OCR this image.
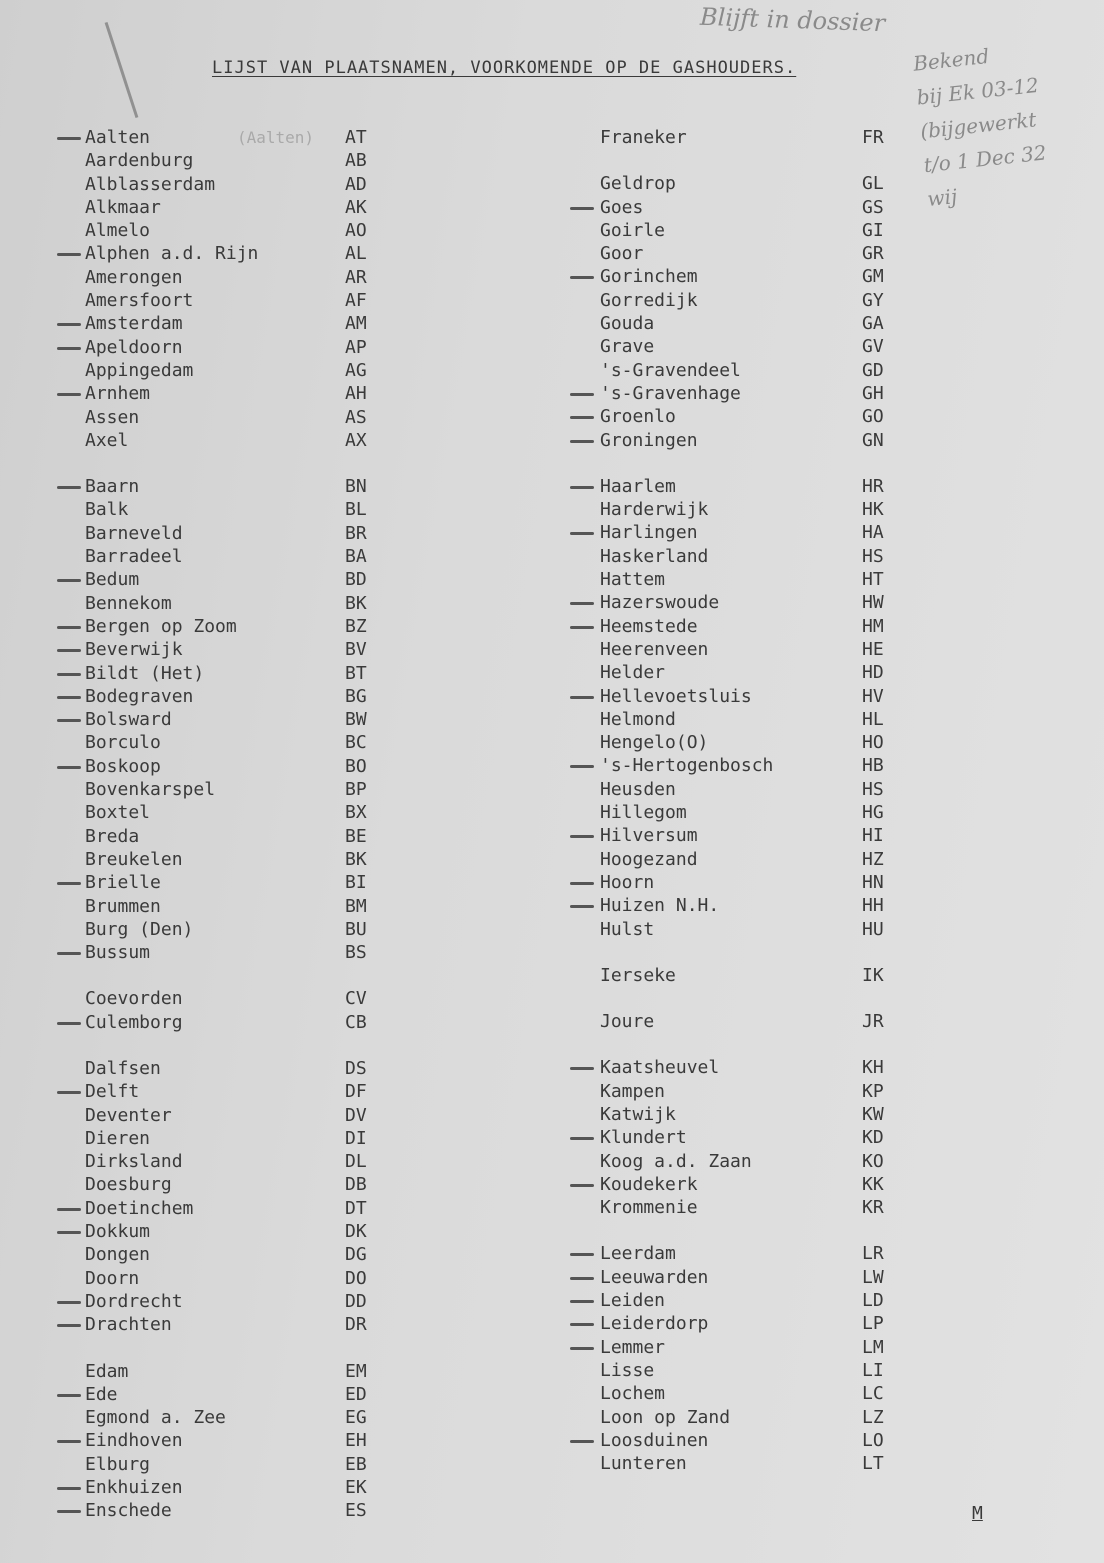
LIJST VAN PLAATSNAMEN, VOORKOMENDE OP DE GASHOUDERS.
Blijft in dossier
Bekend
bij Ek 03-12
(bijgewerkt
t/o 1 Dec 32
wij
Aalten	AT
(Aalten)
Aardenburg	AB
Alblasserdam	AD
Alkmaar	AK
Almelo	AO
Alphen a.d. Rijn	AL
Amerongen	AR
Amersfoort	AF
Amsterdam	AM
Apeldoorn	AP
Appingedam	AG
Arnhem	AH
Assen	AS
Axel	AX
Baarn	BN
Balk	BL
Barneveld	BR
Barradeel	BA
Bedum	BD
Bennekom	BK
Bergen op Zoom	BZ
Beverwijk	BV
Bildt (Het)	BT
Bodegraven	BG
Bolsward	BW
Borculo	BC
Boskoop	BO
Bovenkarspel	BP
Boxtel	BX
Breda	BE
Breukelen	BK
Brielle	BI
Brummen	BM
Burg (Den)	BU
Bussum	BS
Coevorden	CV
Culemborg	CB
Dalfsen	DS
Delft	DF
Deventer	DV
Dieren	DI
Dirksland	DL
Doesburg	DB
Doetinchem	DT
Dokkum	DK
Dongen	DG
Doorn	DO
Dordrecht	DD
Drachten	DR
Edam	EM
Ede	ED
Egmond a. Zee	EG
Eindhoven	EH
Elburg	EB
Enkhuizen	EK
Enschede	ES
Franeker	FR
Geldrop	GL
Goes	GS
Goirle	GI
Goor	GR
Gorinchem	GM
Gorredijk	GY
Gouda	GA
Grave	GV
's-Gravendeel	GD
's-Gravenhage	GH
Groenlo	GO
Groningen	GN
Haarlem	HR
Harderwijk	HK
Harlingen	HA
Haskerland	HS
Hattem	HT
Hazerswoude	HW
Heemstede	HM
Heerenveen	HE
Helder	HD
Hellevoetsluis	HV
Helmond	HL
Hengelo(O)	HO
's-Hertogenbosch	HB
Heusden	HS
Hillegom	HG
Hilversum	HI
Hoogezand	HZ
Hoorn	HN
Huizen N.H.	HH
Hulst	HU
Ierseke	IK
Joure	JR
Kaatsheuvel	KH
Kampen	KP
Katwijk	KW
Klundert	KD
Koog a.d. Zaan	KO
Koudekerk	KK
Krommenie	KR
Leerdam	LR
Leeuwarden	LW
Leiden	LD
Leiderdorp	LP
Lemmer	LM
Lisse	LI
Lochem	LC
Loon op Zand	LZ
Loosduinen	LO
Lunteren	LT
M
